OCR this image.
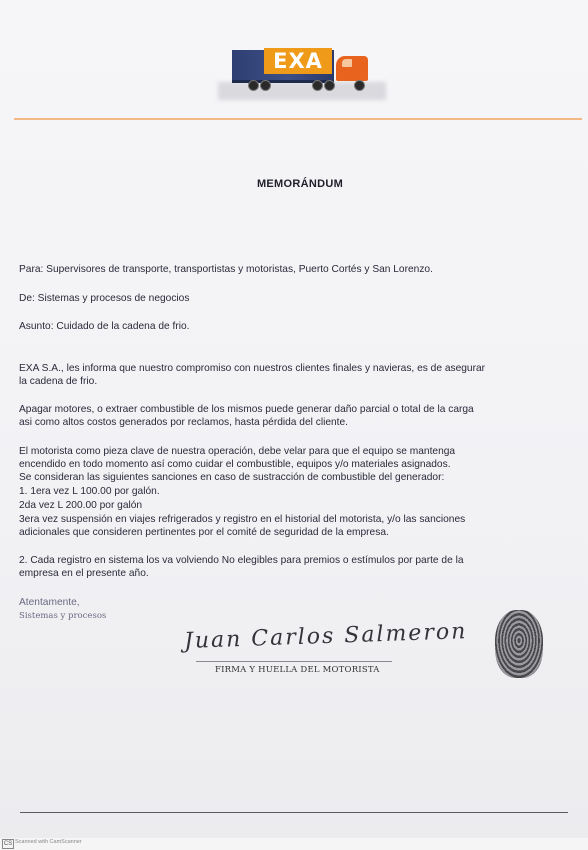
EXA
MEMORÁNDUM

Para: Supervisores de transporte, transportistas y motoristas, Puerto Cortés y San Lorenzo.

De: Sistemas y procesos de negocios

Asunto: Cuidado de la cadena de frio.

EXA S.A., les informa que nuestro compromiso con nuestros clientes finales y navieras, es de asegurar

la cadena de frio.

Apagar motores, o extraer combustible de los mismos puede generar daño parcial o total de la carga

asi como altos costos generados por reclamos, hasta pérdida del cliente.

El motorista como pieza clave de nuestra operación, debe velar para que el equipo se mantenga

encendido en todo momento así como cuidar el combustible, equipos y/o materiales asignados.

Se consideran las siguientes sanciones en caso de sustracción de combustible del generador:

1. 1era vez L 100.00 por galón.

2da vez L 200.00 por galón

3era vez suspensión en viajes refrigerados y registro en el historial del motorista, y/o las sanciones

adicionales que consideren pertinentes por el comité de seguridad de la empresa.

2. Cada registro en sistema los va volviendo No elegibles para premios o estímulos por parte de la

empresa en el presente año.

Atentamente,

Sistemas y procesos

Juan Carlos Salmeron
FIRMA Y HUELLA DEL MOTORISTA
CS Scanned with CamScanner
